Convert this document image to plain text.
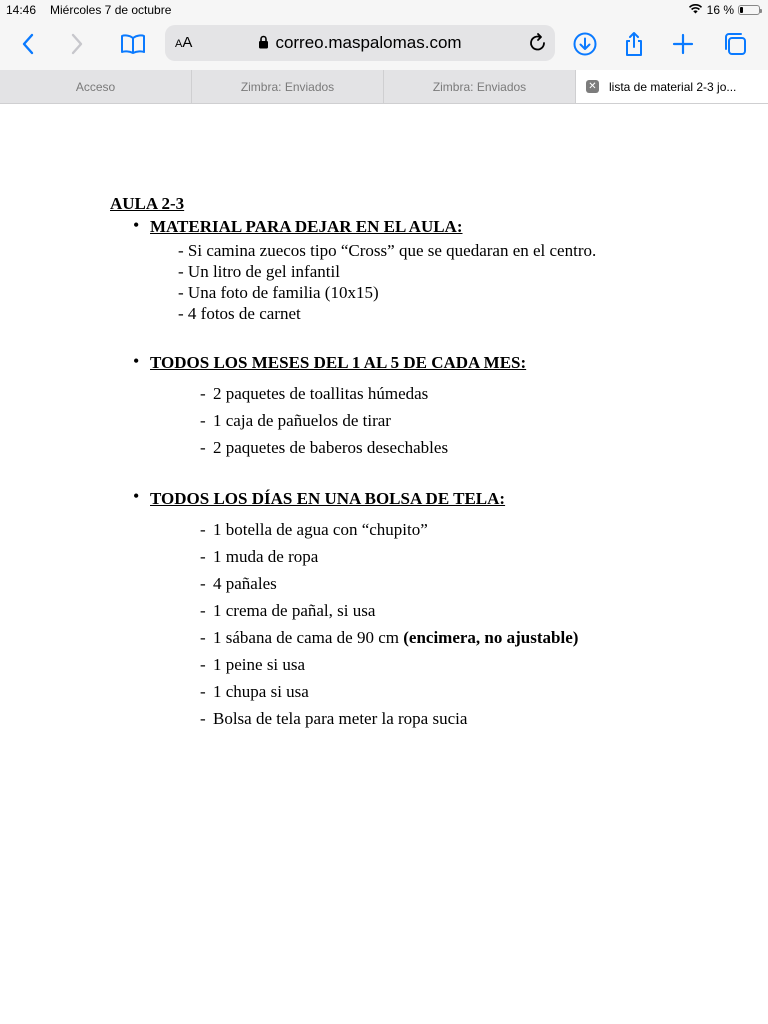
14:46 Miércoles 7 de octubre	16 %
AA	correo.maspalomas.com
Acceso	Zimbra: Enviados	Zimbra: Enviados	✕ lista de material 2-3 jo...
AULA 2-3
• MATERIAL PARA DEJAR EN EL AULA:
- Si camina zuecos tipo “Cross” que se quedaran en el centro.
- Un litro de gel infantil
- Una foto de familia (10x15)
- 4 fotos de carnet
• TODOS LOS MESES DEL 1 AL 5 DE CADA MES:
- 2 paquetes de toallitas húmedas
- 1 caja de pañuelos de tirar
- 2 paquetes de baberos desechables
• TODOS LOS DÍAS EN UNA BOLSA DE TELA:
- 1 botella de agua con “chupito”
- 1 muda de ropa
- 4 pañales
- 1 crema de pañal, si usa
- 1 sábana de cama de 90 cm (encimera, no ajustable)
- 1 peine si usa
- 1 chupa si usa
- Bolsa de tela para meter la ropa sucia
